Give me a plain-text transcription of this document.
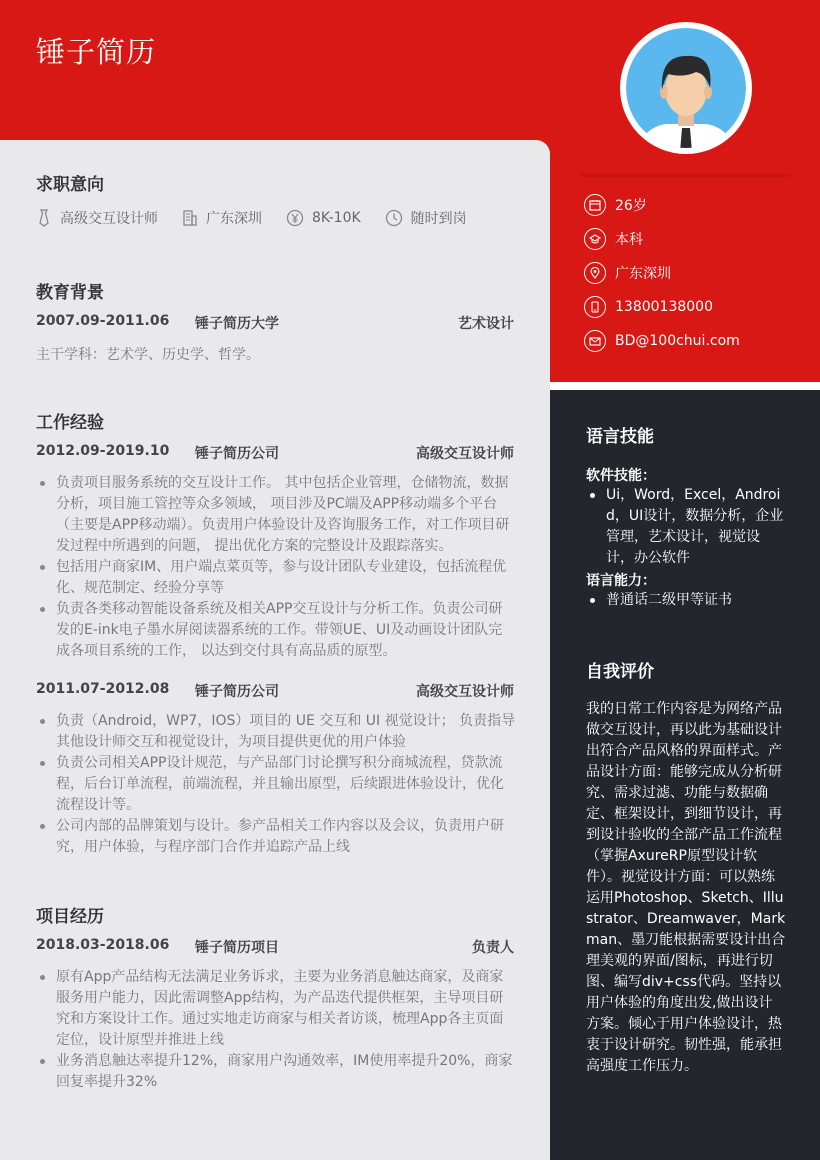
锤子简历
26岁
本科
广东深圳
13800138000
BD@100chui.com
求职意向
高级交互设计师	广东深圳	8K-10K	随时到岗
教育背景
2007.09-2011.06 锤子简历大学	艺术设计
主干学科：艺术学、历史学、哲学。
工作经验
2012.09-2019.10 锤子简历公司	高级交互设计师
负责项目服务系统的交互设计工作。 其中包括企业管理，仓储物流，数据分析，项目施工管控等众多领域， 项目涉及PC端及APP移动端多个平台（主要是APP移动端）。负责用户体验设计及咨询服务工作，对工作项目研发过程中所遇到的问题， 提出优化方案的完整设计及跟踪落实。
包括用户商家IM、用户端点菜页等，参与设计团队专业建设，包括流程优化、规范制定、经验分享等
负责各类移动智能设备系统及相关APP交互设计与分析工作。负责公司研发的E-ink电子墨水屏阅读器系统的工作。带领UE、UI及动画设计团队完成各项目系统的工作， 以达到交付具有高品质的原型。
2011.07-2012.08 锤子简历公司	高级交互设计师
负责（Android，WP7，IOS）项目的 UE 交互和 UI 视觉设计； 负责指导其他设计师交互和视觉设计，为项目提供更优的用户体验
负责公司相关APP设计规范，与产品部门讨论撰写积分商城流程，贷款流程，后台订单流程，前端流程，并且输出原型，后续跟进体验设计，优化流程设计等。
公司内部的品牌策划与设计。参产品相关工作内容以及会议，负责用户研究，用户体验，与程序部门合作并追踪产品上线
项目经历
2018.03-2018.06 锤子简历项目	负责人
原有App产品结构无法满足业务诉求，主要为业务消息触达商家，及商家服务用户能力，因此需调整App结构，为产品迭代提供框架，主导项目研究和方案设计工作。通过实地走访商家与相关者访谈，梳理App各主页面定位，设计原型并推进上线
业务消息触达率提升12%，商家用户沟通效率，IM使用率提升20%，商家回复率提升32%
语言技能
软件技能：
Ui，Word，Excel，Android，UI设计，数据分析，企业管理，艺术设计，视觉设计，办公软件
语言能力：
普通话二级甲等证书
自我评价
我的日常工作内容是为网络产品做交互设计，再以此为基础设计出符合产品风格的界面样式。产品设计方面：能够完成从分析研究、需求过滤、功能与数据确定、框架设计，到细节设计，再到设计验收的全部产品工作流程（掌握AxureRP原型设计软件）。视觉设计方面：可以熟练运用Photoshop、Sketch、Illustrator、Dreamwaver，Markman、墨刀能根据需要设计出合理美观的界面/图标，再进行切图、编写div+css代码。坚持以用户体验的角度出发,做出设计方案。倾心于用户体验设计，热衷于设计研究。韧性强，能承担高强度工作压力。
